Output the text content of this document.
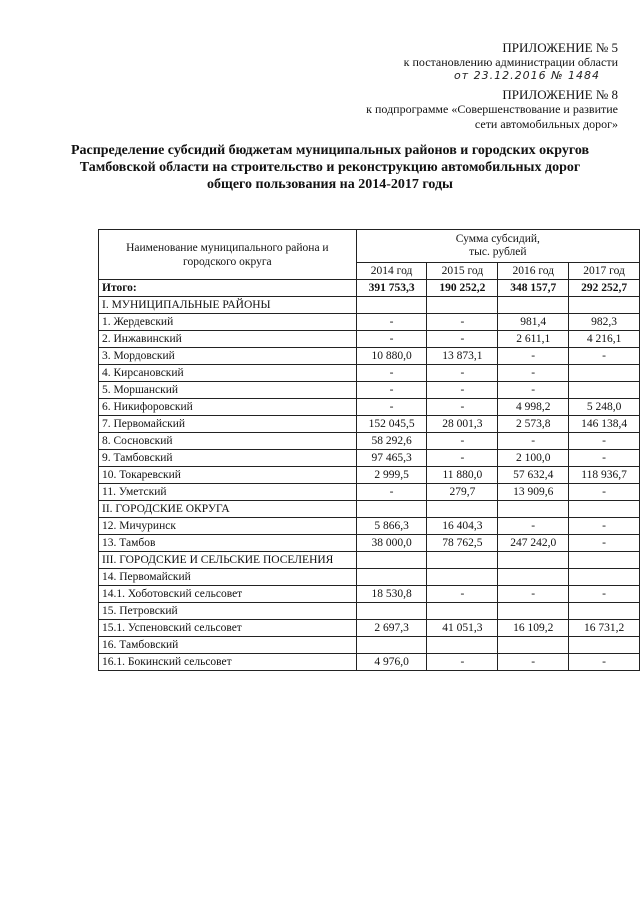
ПРИЛОЖЕНИЕ № 5
к постановлению администрации области
от 23.12.2016 № 1484
ПРИЛОЖЕНИЕ № 8
к подпрограмме «Совершенствование и развитие
сети автомобильных дорог»
Распределение субсидий бюджетам муниципальных районов и городских округов Тамбовской области на строительство и реконструкцию автомобильных дорог общего пользования на 2014-2017 годы
Наименование муниципального района и городского округа	Сумма субсидий,
тыс. рублей			

	2014 год	2015 год	2016 год	2017 год
Итого:	391 753,3	190 252,2	348 157,7	292 252,7
I. МУНИЦИПАЛЬНЫЕ РАЙОНЫ				
1. Жердевский	-	-	981,4	982,3
2. Инжавинский	-	-	2 611,1	4 216,1
3. Мордовский	10 880,0	13 873,1	-	-
4. Кирсановский	-	-	-	
5. Моршанский	-	-	-	
6. Никифоровский	-	-	4 998,2	5 248,0
7. Первомайский	152 045,5	28 001,3	2 573,8	146 138,4
8. Сосновский	58 292,6	-	-	-
9. Тамбовский	97 465,3	-	2 100,0	-
10. Токаревский	2 999,5	11 880,0	57 632,4	118 936,7
11. Уметский	-	279,7	13 909,6	-
II. ГОРОДСКИЕ ОКРУГА				
12. Мичуринск	5 866,3	16 404,3	-	-
13. Тамбов	38 000,0	78 762,5	247 242,0	-
III. ГОРОДСКИЕ И СЕЛЬСКИЕ ПОСЕЛЕНИЯ				
14. Первомайский				
14.1. Хоботовский сельсовет	18 530,8	-	-	-
15. Петровский				
15.1. Успеновский сельсовет	2 697,3	41 051,3	16 109,2	16 731,2
16. Тамбовский				
16.1. Бокинский сельсовет	4 976,0	-	-	-
